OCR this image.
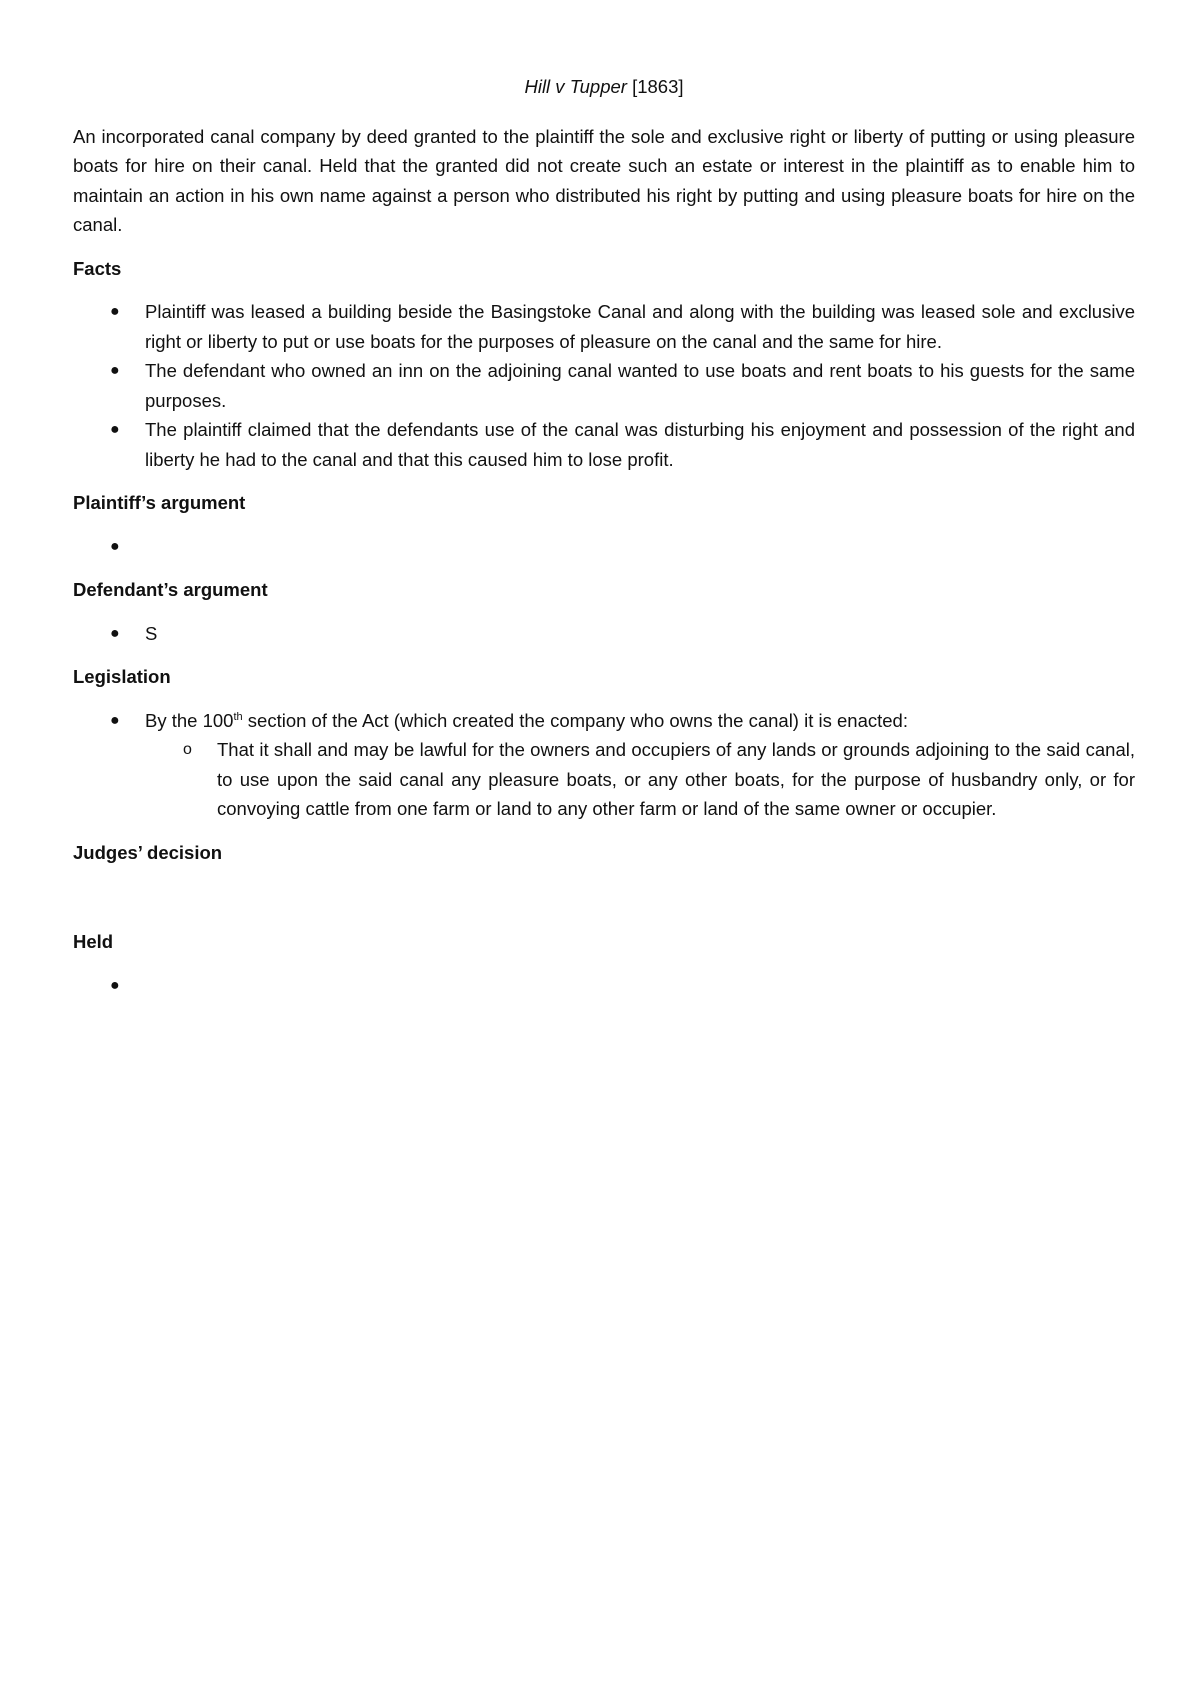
Hill v Tupper [1863]
An incorporated canal company by deed granted to the plaintiff the sole and exclusive right or liberty of putting or using pleasure boats for hire on their canal. Held that the granted did not create such an estate or interest in the plaintiff as to enable him to maintain an action in his own name against a person who distributed his right by putting and using pleasure boats for hire on the canal.
Facts
● Plaintiff was leased a building beside the Basingstoke Canal and along with the building was leased sole and exclusive right or liberty to put or use boats for the purposes of pleasure on the canal and the same for hire.
● The defendant who owned an inn on the adjoining canal wanted to use boats and rent boats to his guests for the same purposes.
● The plaintiff claimed that the defendants use of the canal was disturbing his enjoyment and possession of the right and liberty he had to the canal and that this caused him to lose profit.
Plaintiff’s argument
●
Defendant’s argument
● S
Legislation
● By the 100th section of the Act (which created the company who owns the canal) it is enacted:
o That it shall and may be lawful for the owners and occupiers of any lands or grounds adjoining to the said canal, to use upon the said canal any pleasure boats, or any other boats, for the purpose of husbandry only, or for convoying cattle from one farm or land to any other farm or land of the same owner or occupier.
Judges’ decision
Held
●
